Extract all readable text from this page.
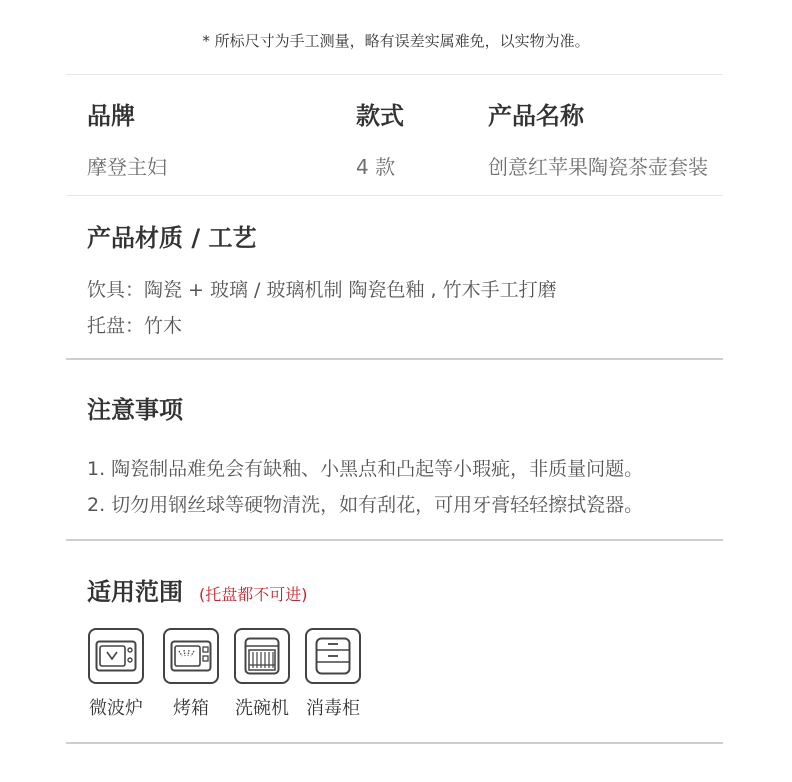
* 所标尺寸为手工测量，略有误差实属难免，以实物为准。
品牌
摩登主妇
款式
4 款
产品名称
创意红苹果陶瓷茶壶套装
产品材质 / 工艺
饮具：陶瓷 + 玻璃 / 玻璃机制 陶瓷色釉 , 竹木手工打磨
托盘：竹木
注意事项
1. 陶瓷制品难免会有缺釉、小黑点和凸起等小瑕疵，非质量问题。
2. 切勿用钢丝球等硬物清洗，如有刮花，可用牙膏轻轻擦拭瓷器。
适用范围 (托盘都不可进)
微波炉	烤箱	洗碗机 消毒柜
